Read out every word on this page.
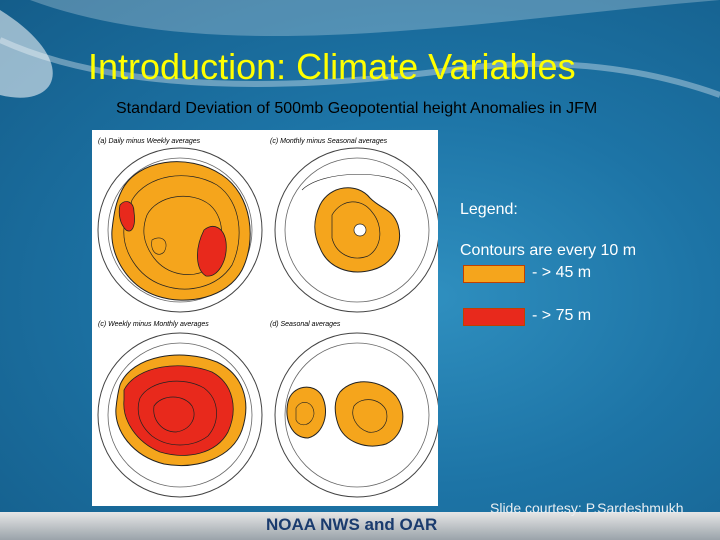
Introduction: Climate Variables

Standard Deviation of 500mb Geopotential height Anomalies in JFM

(a) Daily minus Weekly averages	(c) Monthly minus Seasonal averages
(c) Weekly minus Monthly averages	(d) Seasonal averages
Legend:
Contours are every 10 m
- > 45 m
- > 75 m

Slide courtesy: P.Sardeshmukh

NOAA NWS and OAR
